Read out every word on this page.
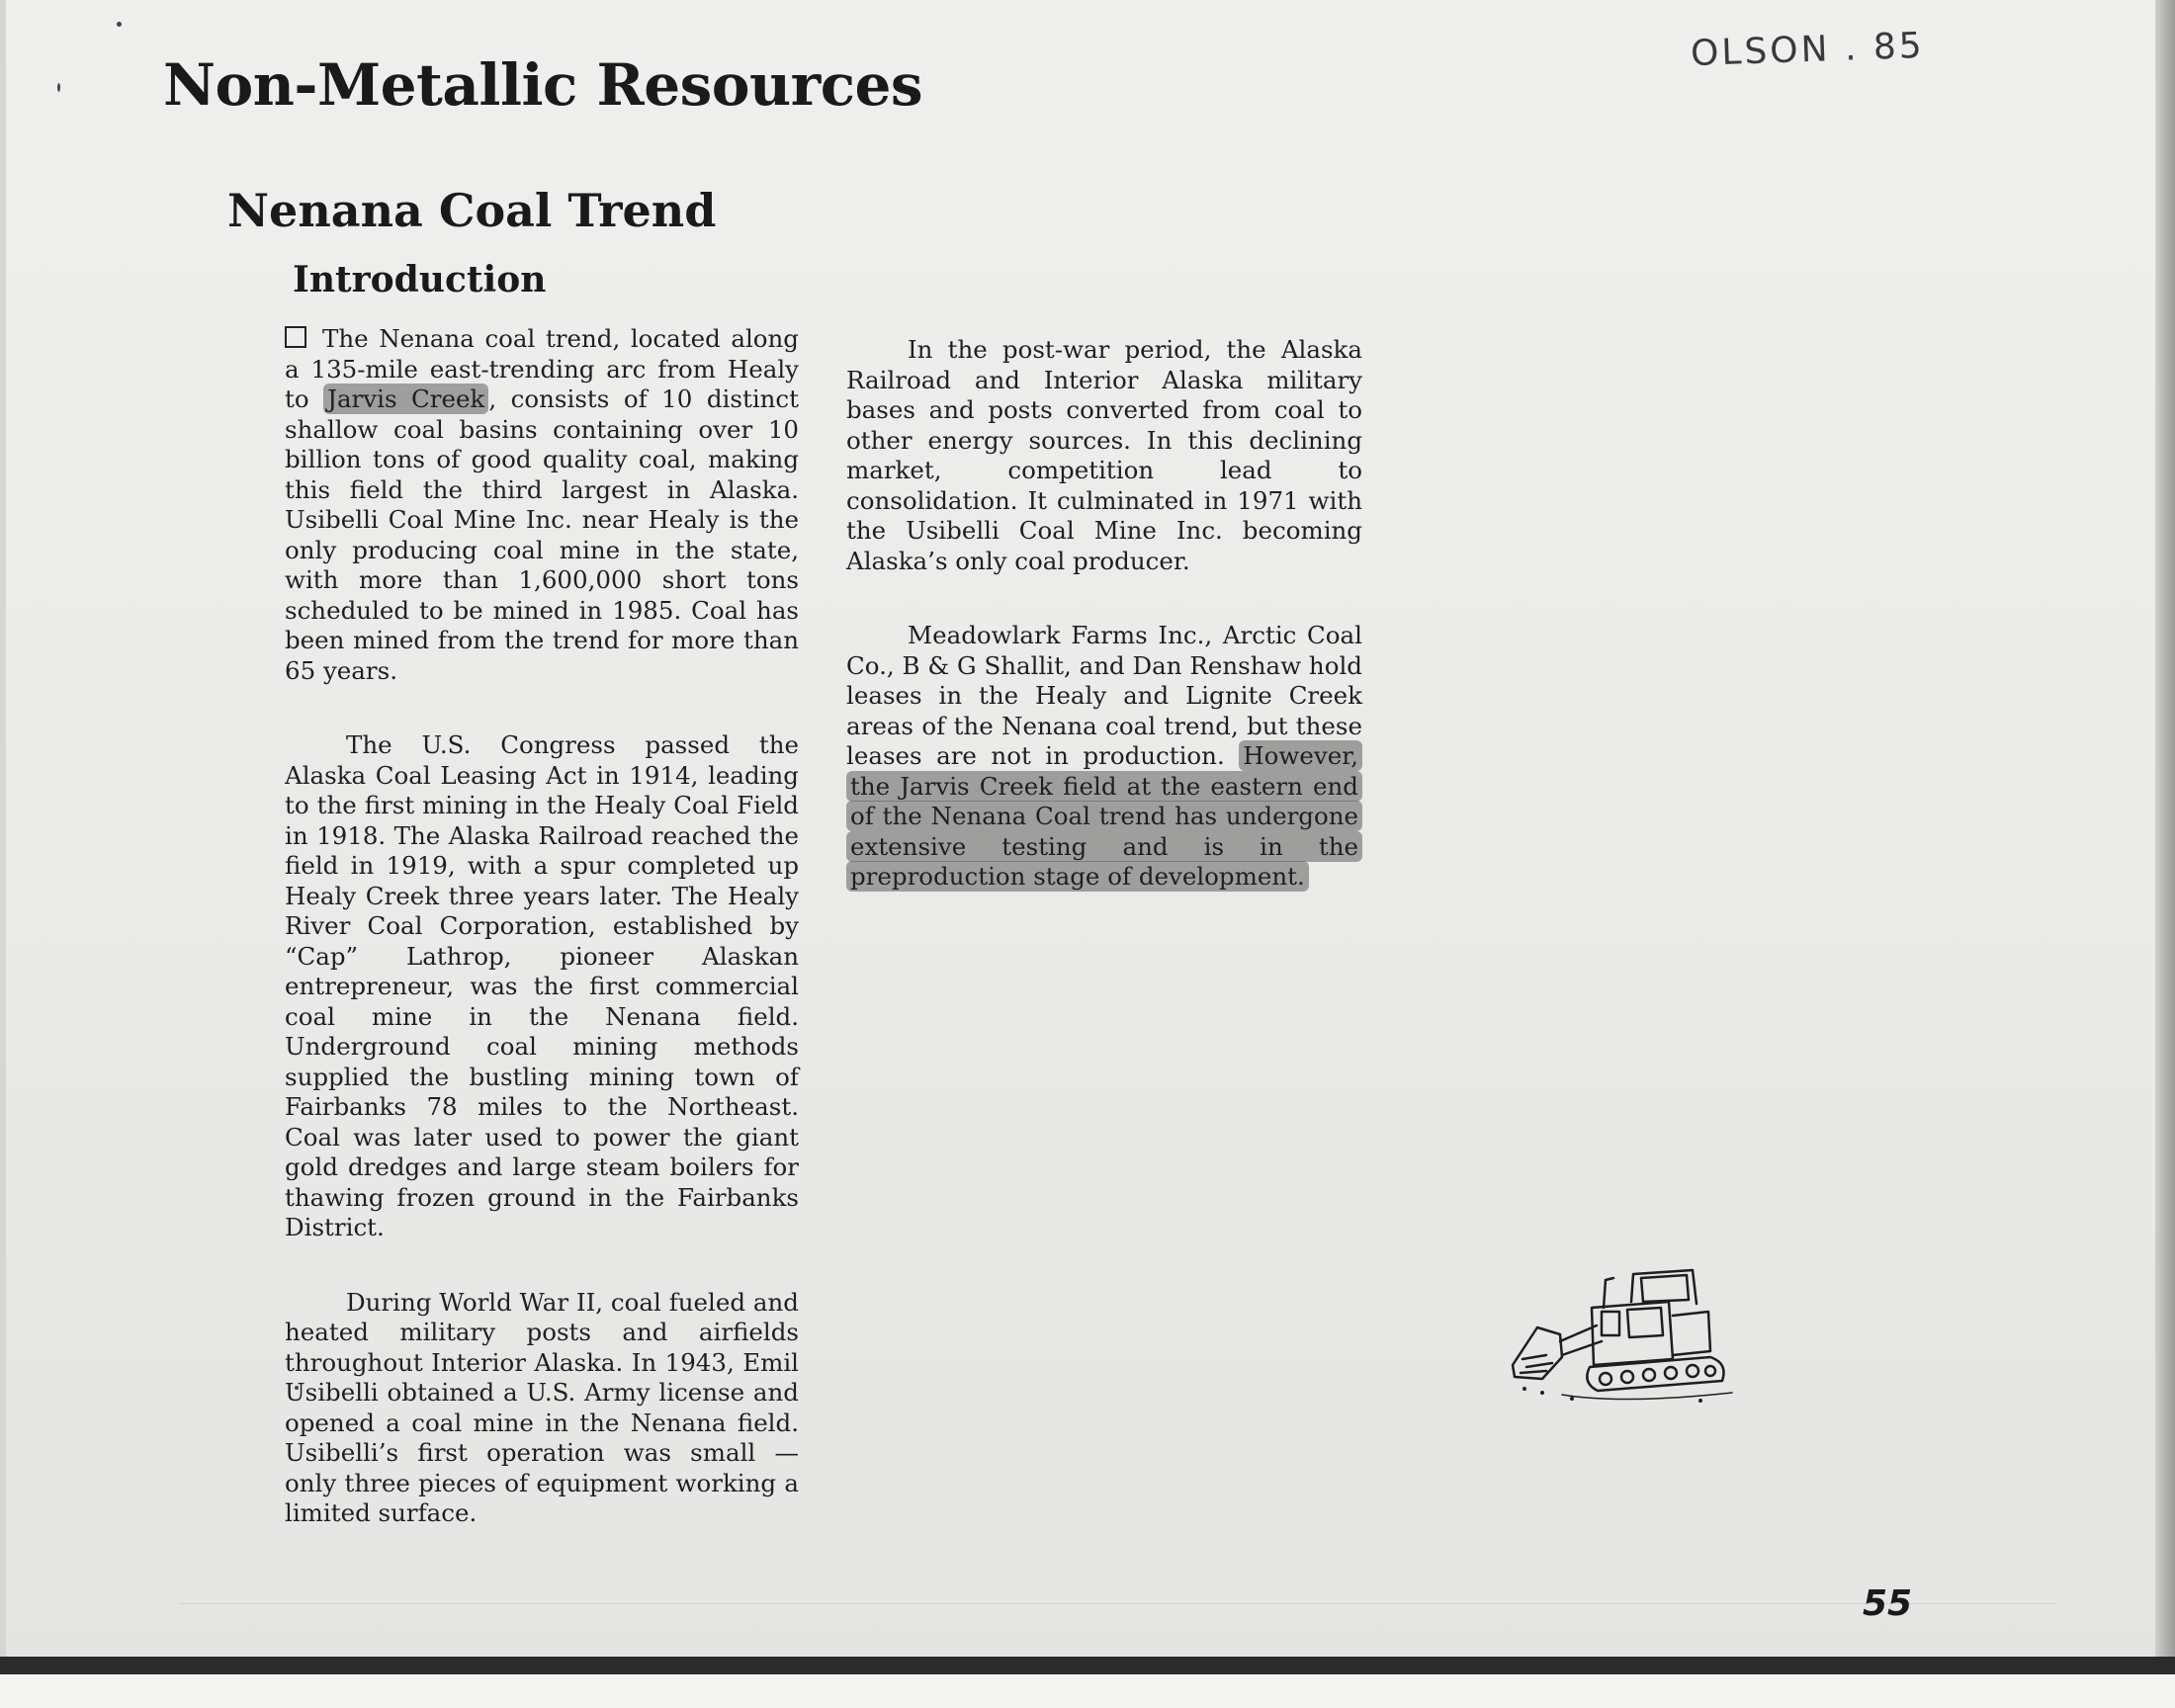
Non-Metallic Resources
OLSON . 85
Nenana Coal Trend
Introduction

The Nenana coal trend, located along a 135-mile east-trending arc from Healy to Jarvis Creek , consists of 10 distinct shallow coal basins containing over 10 billion tons of good quality coal, making this field the third largest in Alaska. Usibelli Coal Mine Inc. near Healy is the only producing coal mine in the state, with more than 1,600,000 short tons scheduled to be mined in 1985. Coal has been mined from the trend for more than 65 years.

The U.S. Congress passed the Alaska Coal Leasing Act in 1914, leading to the first mining in the Healy Coal Field in 1918. The Alaska Railroad reached the field in 1919, with a spur completed up Healy Creek three years later. The Healy River Coal Corporation, established by “Cap” Lathrop, pioneer Alaskan entrepreneur, was the first commercial coal mine in the Nenana field. Underground coal mining methods supplied the bustling mining town of Fairbanks 78 miles to the Northeast. Coal was later used to power the giant gold dredges and large steam boilers for thawing frozen ground in the Fairbanks District.

During World War II, coal fueled and heated military posts and airfields throughout Interior Alaska. In 1943, Emil Usibelli obtained a U.S. Army license and opened a coal mine in the Nenana field. Usibelli’s first operation was small — only three pieces of equipment working a limited surface.

In the post-war period, the Alaska Railroad and Interior Alaska military bases and posts converted from coal to other energy sources. In this declining market, competition lead to consolidation. It culminated in 1971 with the Usibelli Coal Mine Inc. becoming Alaska’s only coal producer.

Meadowlark Farms Inc., Arctic Coal Co., B & G Shallit, and Dan Renshaw hold leases in the Healy and Lignite Creek areas of the Nenana coal trend, but these leases are not in production. However, the Jarvis Creek field at the eastern end of the Nenana Coal trend has undergone extensive testing and is in the preproduction stage of development.

55
